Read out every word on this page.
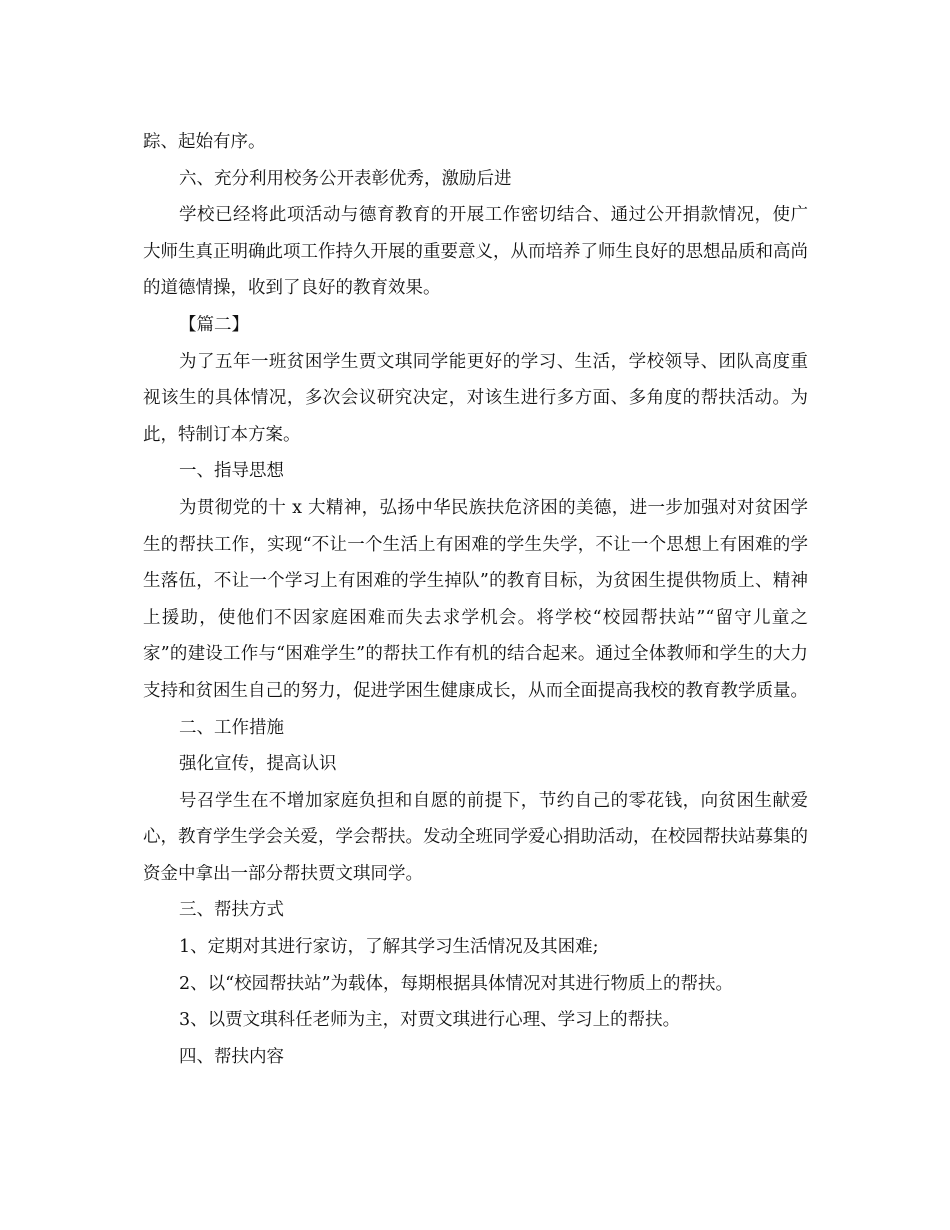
踪、起始有序。

六、充分利用校务公开表彰优秀，激励后进

学校已经将此项活动与德育教育的开展工作密切结合、通过公开捐款情况，使广大师生真正明确此项工作持久开展的重要意义，从而培养了师生良好的思想品质和高尚的道德情操，收到了良好的教育效果。

【篇二】

为了五年一班贫困学生贾文琪同学能更好的学习、生活，学校领导、团队高度重视该生的具体情况，多次会议研究决定，对该生进行多方面、多角度的帮扶活动。为此，特制订本方案。

一、指导思想

为贯彻党的十 x 大精神，弘扬中华民族扶危济困的美德，进一步加强对对贫困学生的帮扶工作，实现“不让一个生活上有困难的学生失学，不让一个思想上有困难的学生落伍，不让一个学习上有困难的学生掉队”的教育目标，为贫困生提供物质上、精神上援助，使他们不因家庭困难而失去求学机会。将学校“校园帮扶站”“留守儿童之家”的建设工作与“困难学生”的帮扶工作有机的结合起来。通过全体教师和学生的大力支持和贫困生自己的努力，促进学困生健康成长，从而全面提高我校的教育教学质量。

二、工作措施

强化宣传，提高认识

号召学生在不增加家庭负担和自愿的前提下，节约自己的零花钱，向贫困生献爱心，教育学生学会关爱，学会帮扶。发动全班同学爱心捐助活动，在校园帮扶站募集的资金中拿出一部分帮扶贾文琪同学。

三、帮扶方式

1、定期对其进行家访，了解其学习生活情况及其困难;

2、以“校园帮扶站”为载体，每期根据具体情况对其进行物质上的帮扶。

3、以贾文琪科任老师为主，对贾文琪进行心理、学习上的帮扶。

四、帮扶内容
